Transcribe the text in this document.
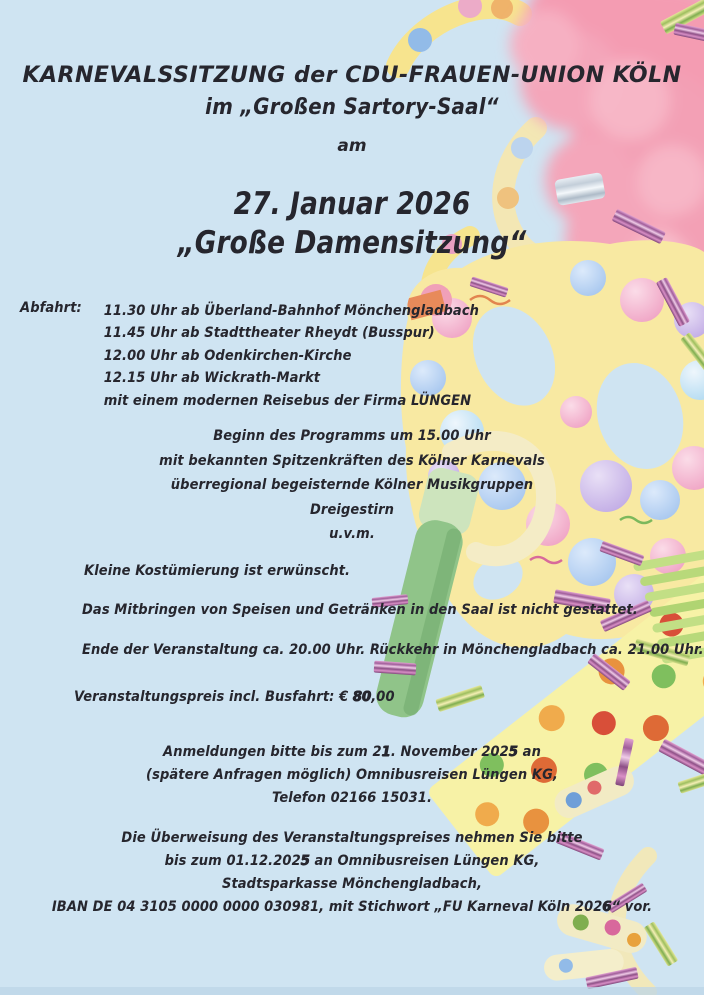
KARNEVALSSITZUNG der CDU-FRAUEN-UNION KÖLN
im „Großen Sartory-Saal“
am
27. Januar 2026
„Große Damensitzung“
Abfahrt:	11.30 Uhr ab Überland-Bahnhof Mönchengladbach
11.45 Uhr ab Stadttheater Rheydt (Busspur)
12.00 Uhr ab Odenkirchen-Kirche
12.15 Uhr ab Wickrath-Markt
mit einem modernen Reisebus der Firma LÜNGEN
Beginn des Programms um 15.00 Uhr
mit bekannten Spitzenkräften des Kölner Karnevals
überregional begeisternde Kölner Musikgruppen
Dreigestirn
u.v.m.
Kleine Kostümierung ist erwünscht.
Das Mitbringen von Speisen und Getränken in den Saal ist nicht gestattet.
Ende der Veranstaltung ca. 20.00 Uhr. Rückkehr in Mönchengladbach ca. 21.00 Uhr.
Veranstaltungspreis incl. Busfahrt: € 80,00
Anmeldungen bitte bis zum 21. November 2025 an
(spätere Anfragen möglich) Omnibusreisen Lüngen KG,
Telefon 02166 15031.
Die Überweisung des Veranstaltungspreises nehmen Sie bitte
bis zum 01.12.2025 an Omnibusreisen Lüngen KG,
Stadtsparkasse Mönchengladbach,
IBAN DE 04 3105 0000 0000 030981, mit Stichwort „FU Karneval Köln 2026“ vor.
